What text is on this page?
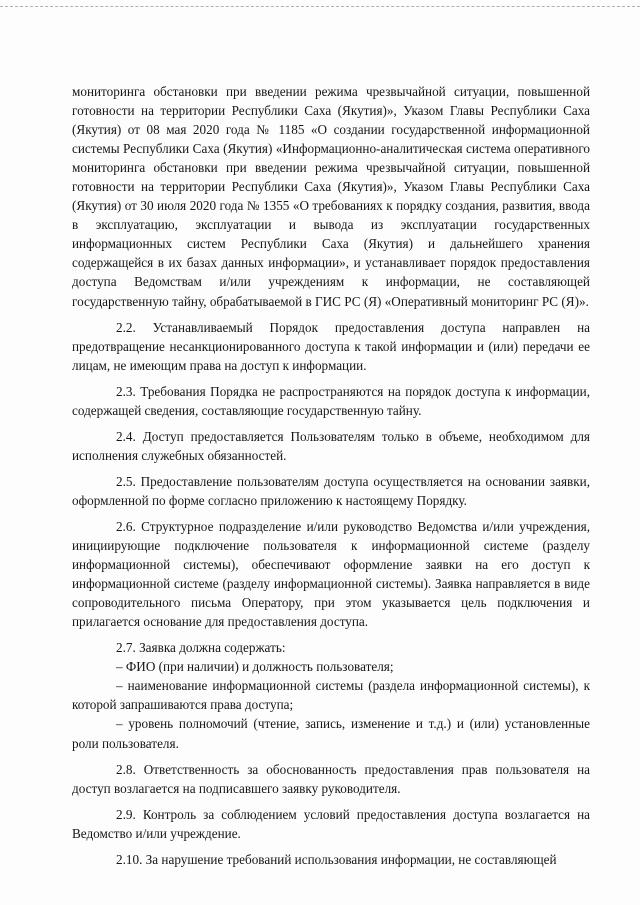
мониторинга обстановки при введении режима чрезвычайной ситуации, повышенной готовности на территории Республики Саха (Якутия)», Указом Главы Республики Саха (Якутия) от 08 мая 2020 года № 1185 «О создании государственной информационной системы Республики Саха (Якутия) «Информационно-аналитическая система оперативного мониторинга обстановки при введении режима чрезвычайной ситуации, повышенной готовности на территории Республики Саха (Якутия)», Указом Главы Республики Саха (Якутия) от 30 июля 2020 года № 1355 «О требованиях к порядку создания, развития, ввода в эксплуатацию, эксплуатации и вывода из эксплуатации государственных информационных систем Республики Саха (Якутия) и дальнейшего хранения содержащейся в их базах данных информации», и устанавливает порядок предоставления доступа Ведомствам и/или учреждениям к информации, не составляющей государственную тайну, обрабатываемой в ГИС РС (Я) «Оперативный мониторинг РС (Я)».

2.2. Устанавливаемый Порядок предоставления доступа направлен на предотвращение несанкционированного доступа к такой информации и (или) передачи ее лицам, не имеющим права на доступ к информации.

2.3. Требования Порядка не распространяются на порядок доступа к информации, содержащей сведения, составляющие государственную тайну.

2.4. Доступ предоставляется Пользователям только в объеме, необходимом для исполнения служебных обязанностей.

2.5. Предоставление пользователям доступа осуществляется на основании заявки, оформленной по форме согласно приложению к настоящему Порядку.

2.6. Структурное подразделение и/или руководство Ведомства и/или учреждения, инициирующие подключение пользователя к информационной системе (разделу информационной системы), обеспечивают оформление заявки на его доступ к информационной системе (разделу информационной системы). Заявка направляется в виде сопроводительного письма Оператору, при этом указывается цель подключения и прилагается основание для предоставления доступа.

2.7. Заявка должна содержать:

– ФИО (при наличии) и должность пользователя;

– наименование информационной системы (раздела информационной системы), к которой запрашиваются права доступа;

– уровень полномочий (чтение, запись, изменение и т.д.) и (или) установленные роли пользователя.

2.8. Ответственность за обоснованность предоставления прав пользователя на доступ возлагается на подписавшего заявку руководителя.

2.9. Контроль за соблюдением условий предоставления доступа возлагается на Ведомство и/или учреждение.

2.10. За нарушение требований использования информации, не составляющей
